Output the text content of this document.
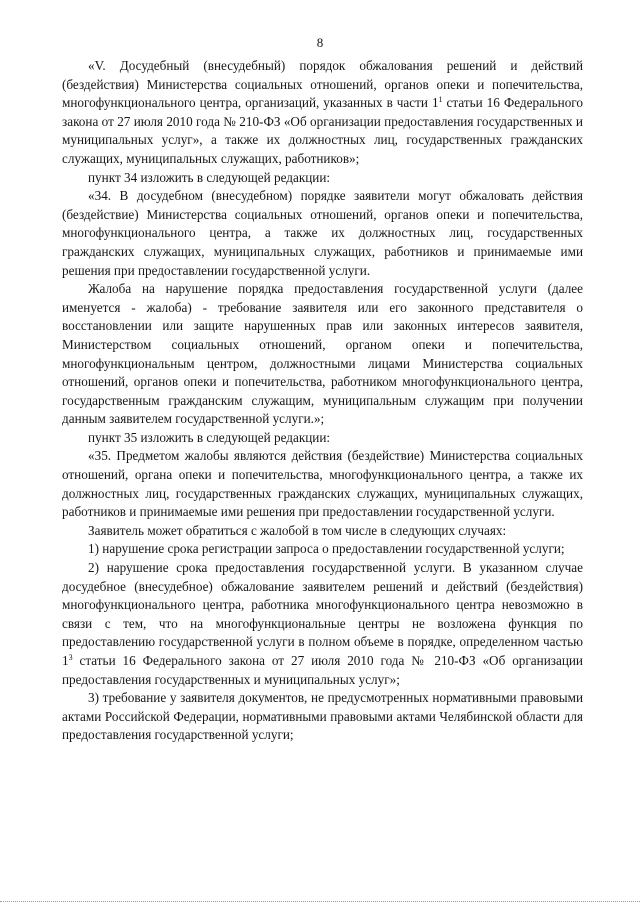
8

«V. Досудебный (внесудебный) порядок обжалования решений и действий (бездействия) Министерства социальных отношений, органов опеки и попечительства, многофункционального центра, организаций, указанных в части $1^1$ статьи 16 Федерального закона от 27 июля 2010 года № 210-ФЗ «Об организации предоставления государственных и муниципальных услуг», а также их должностных лиц, государственных гражданских служащих, муниципальных служащих, работников»;

пункт 34 изложить в следующей редакции:

«34. В досудебном (внесудебном) порядке заявители могут обжаловать действия (бездействие) Министерства социальных отношений, органов опеки и попечительства, многофункционального центра, а также их должностных лиц, государственных гражданских служащих, муниципальных служащих, работников и принимаемые ими решения при предоставлении государственной услуги.

Жалоба на нарушение порядка предоставления государственной услуги (далее именуется - жалоба) - требование заявителя или его законного представителя о восстановлении или защите нарушенных прав или законных интересов заявителя, Министерством социальных отношений, органом опеки и попечительства, многофункциональным центром, должностными лицами Министерства социальных отношений, органов опеки и попечительства, работником многофункционального центра, государственным гражданским служащим, муниципальным служащим при получении данным заявителем государственной услуги.»;

пункт 35 изложить в следующей редакции:

«35. Предметом жалобы являются действия (бездействие) Министерства социальных отношений, органа опеки и попечительства, многофункционального центра, а также их должностных лиц, государственных гражданских служащих, муниципальных служащих, работников и принимаемые ими решения при предоставлении государственной услуги.

Заявитель может обратиться с жалобой в том числе в следующих случаях:

1) нарушение срока регистрации запроса о предоставлении государственной услуги;

2) нарушение срока предоставления государственной услуги. В указанном случае досудебное (внесудебное) обжалование заявителем решений и действий (бездействия) многофункционального центра, работника многофункционального центра невозможно в связи с тем, что на многофункциональные центры не возложена функция по предоставлению государственной услуги в полном объеме в порядке, определенном частью $1^3$ статьи 16 Федерального закона от 27 июля 2010 года № 210-ФЗ «Об организации предоставления государственных и муниципальных услуг»;

3) требование у заявителя документов, не предусмотренных нормативными правовыми актами Российской Федерации, нормативными правовыми актами Челябинской области для предоставления государственной услуги;
